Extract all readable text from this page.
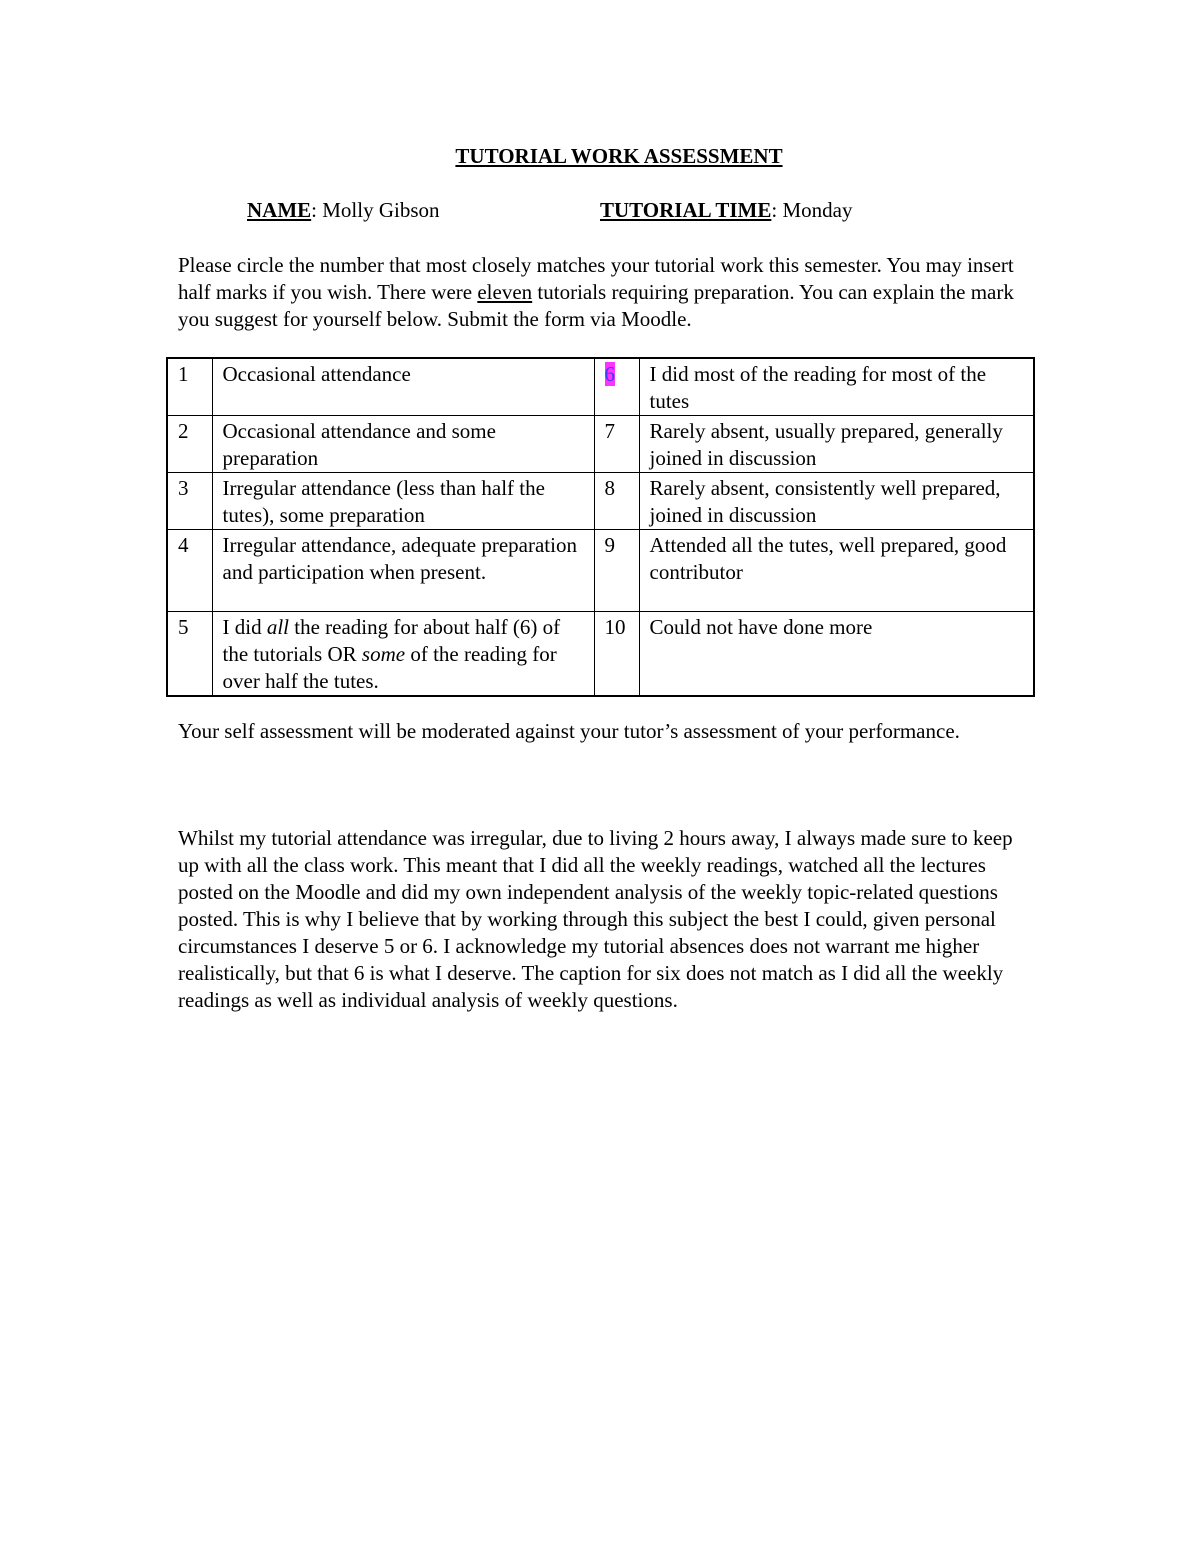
TUTORIAL WORK ASSESSMENT
NAME: Molly Gibson	TUTORIAL TIME: Monday

Please circle the number that most closely matches your tutorial work this semester. You may insert half marks if you wish. There were eleven tutorials requiring preparation. You can explain the mark you suggest for yourself below. Submit the form via Moodle.

1	Occasional attendance	6	I did most of the reading for most of the tutes
2	Occasional attendance and some preparation	7	Rarely absent, usually prepared, generally joined in discussion
3	Irregular attendance (less than half the tutes), some preparation	8	Rarely absent, consistently well prepared, joined in discussion
4	Irregular attendance, adequate preparation and participation when present.	9	Attended all the tutes, well prepared, good contributor
5	I did all the reading for about half (6) of the tutorials OR some of the reading for over half the tutes.	10	Could not have done more

Your self assessment will be moderated against your tutor’s assessment of your performance.

Whilst my tutorial attendance was irregular, due to living 2 hours away, I always made sure to keep up with all the class work. This meant that I did all the weekly readings, watched all the lectures posted on the Moodle and did my own independent analysis of the weekly topic-related questions posted. This is why I believe that by working through this subject the best I could, given personal circumstances I deserve 5 or 6. I acknowledge my tutorial absences does not warrant me higher realistically, but that 6 is what I deserve. The caption for six does not match as I did all the weekly readings as well as individual analysis of weekly questions.
